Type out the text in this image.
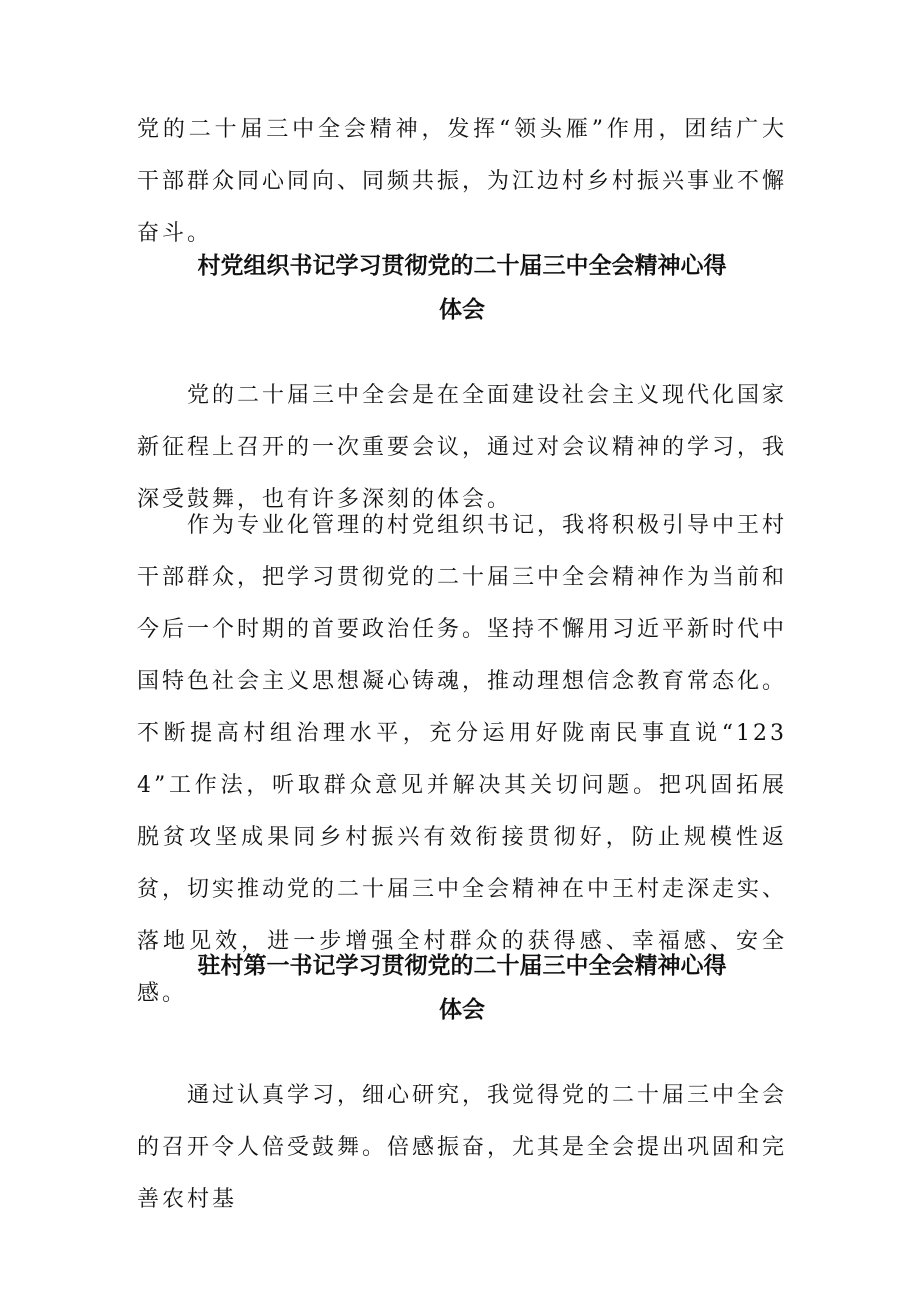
党的二十届三中全会精神，发挥“领头雁”作用，团结广大干部群众同心同向、同频共振，为江边村乡村振兴事业不懈奋斗。

村党组织书记学习贯彻党的二十届三中全会精神心得
体会

党的二十届三中全会是在全面建设社会主义现代化国家新征程上召开的一次重要会议，通过对会议精神的学习，我深受鼓舞，也有许多深刻的体会。

作为专业化管理的村党组织书记，我将积极引导中王村干部群众，把学习贯彻党的二十届三中全会精神作为当前和今后一个时期的首要政治任务。坚持不懈用习近平新时代中国特色社会主义思想凝心铸魂，推动理想信念教育常态化。不断提高村组治理水平，充分运用好陇南民事直说“1234”工作法，听取群众意见并解决其关切问题。把巩固拓展脱贫攻坚成果同乡村振兴有效衔接贯彻好，防止规模性返贫，切实推动党的二十届三中全会精神在中王村走深走实、落地见效，进一步增强全村群众的获得感、幸福感、安全感。

驻村第一书记学习贯彻党的二十届三中全会精神心得
体会

通过认真学习，细心研究，我觉得党的二十届三中全会的召开令人倍受鼓舞。倍感振奋，尤其是全会提出巩固和完善农村基
